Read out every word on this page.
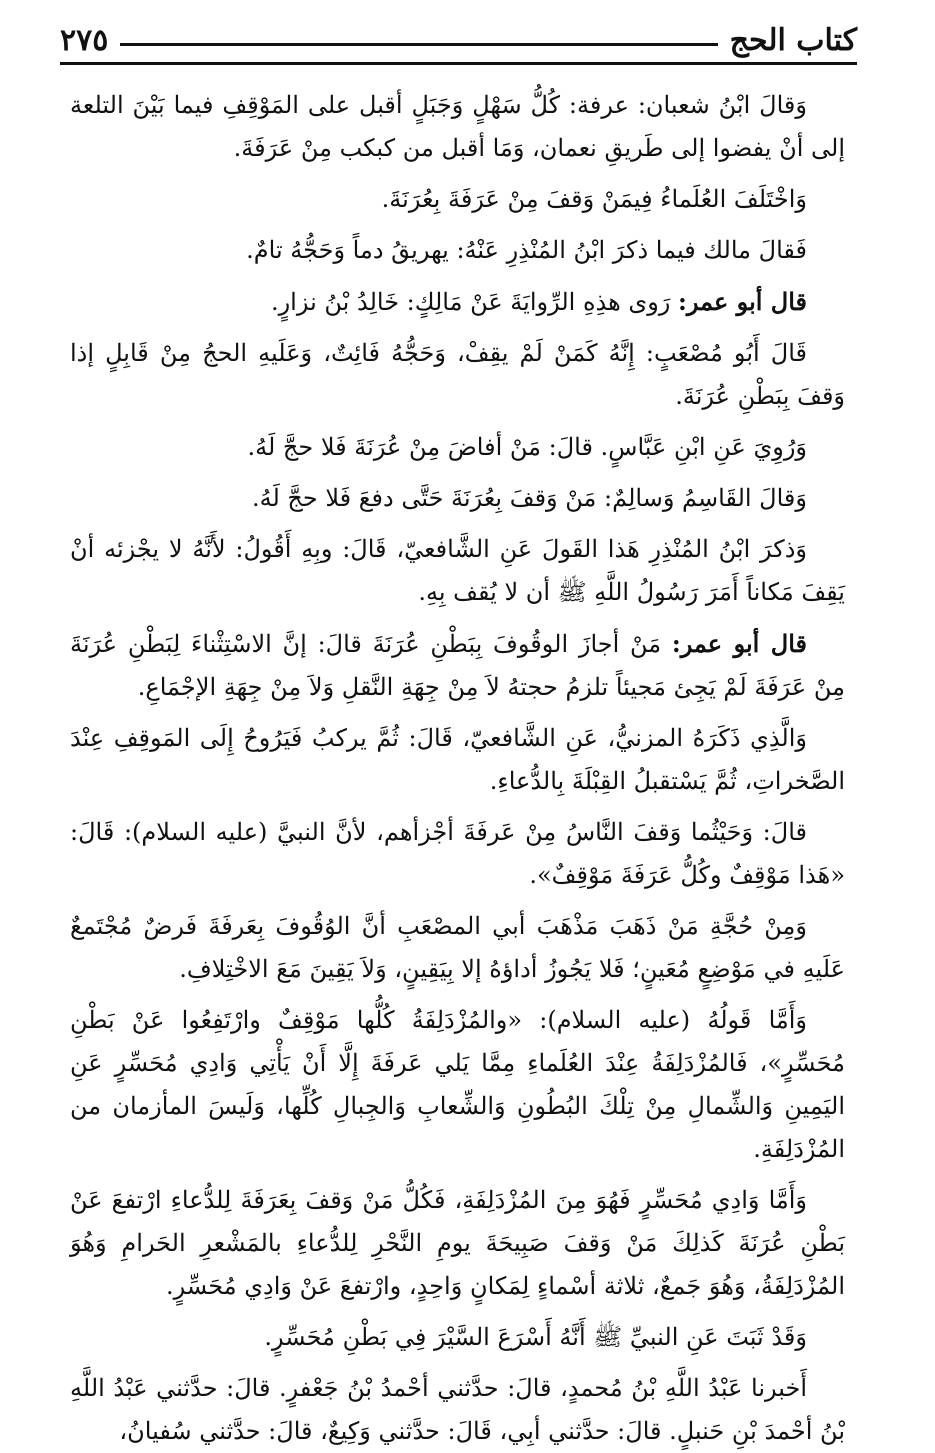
كتاب الحج
٢٧٥

وَقالَ ابْنُ شعبان: عرفة: كُلُّ سَهْلٍ وَجَبَلٍ أقبل على المَوْقِفِ فيما بَيْنَ التلعة إلى أنْ يفضوا إلى طَريقِ نعمان، وَمَا أقبل من كبكب مِنْ عَرَفَةَ.

وَاخْتَلَفَ العُلَماءُ فِيمَنْ وَقفَ مِنْ عَرَفَةَ بِعُرَنَةَ.

فَقالَ مالك فيما ذكرَ ابْنُ المُنْذِرِ عَنْهُ: يهريقُ دماً وَحَجُّهُ تامٌ.

قال أبو عمر: رَوى هذِهِ الرِّوايَةَ عَنْ مَالِكٍ: خَالِدُ بْنُ نزارٍ.

قَالَ أَبُو مُصْعَبٍ: إِنَّهُ كَمَنْ لَمْ يقِفْ، وَحَجُّهُ فَائِتٌ، وَعَلَيهِ الحجُ مِنْ قَابِلٍ إذا وَقفَ بِبَطْنِ عُرَنَةَ.

وَرُوِيَ عَنِ ابْنِ عَبَّاسٍ. قالَ: مَنْ أفاضَ مِنْ عُرَنَةَ فَلا حجَّ لَهُ.

وَقالَ القَاسِمُ وَسالِمٌ: مَنْ وَقفَ بِعُرَنَةَ حَتَّى دفعَ فَلا حجَّ لَهُ.

وَذكرَ ابْنُ المُنْذِرِ هَذا القَولَ عَنِ الشَّافعيّ، قَالَ: وبِهِ أَقُولُ: لأَنَّهُ لا يجْزئه أنْ يَقِفَ مَكاناً أَمَرَ رَسُولُ اللَّهِ ﷺ أن لا يُقف بِهِ.

قال أبو عمر: مَنْ أجازَ الوقُوفَ بِبَطْنِ عُرَنَةَ قالَ: إنَّ الاسْتِثْناءَ لِبَطْنِ عُرَنَةَ مِنْ عَرَفَةَ لَمْ يَجِئ مَجيئاً تلزمُ حجتهُ لاَ مِنْ جِهَةِ النَّقلِ وَلاَ مِنْ جِهَةِ الإجْمَاعِ.

وَالَّذِي ذَكَرَهُ المزنيُّ، عَنِ الشَّافعيّ، قَالَ: ثُمَّ يركبُ فَيَرُوحُ إِلَى المَوقِفِ عِنْدَ الصَّخراتِ، ثُمَّ يَسْتقبلُ القِبْلَةَ بِالدُّعاءِ.

قالَ: وَحَيْثُما وَقفَ النَّاسُ مِنْ عَرفَةَ أجْزأهم، لأنَّ النبيَّ (عليه السلام): قَالَ: «هَذا مَوْقِفٌ وكُلُّ عَرَفَةَ مَوْقِفٌ».

وَمِنْ حُجَّةِ مَنْ ذَهَبَ مَذْهَبَ أبي المصْعَبِ أنَّ الوُقُوفَ بِعَرفَةَ فَرضٌ مُجْتَمعٌ عَلَيهِ في مَوْضِعٍ مُعَينٍ؛ فَلا يَجُوزُ أداؤهُ إلا بِيَقِينٍ، وَلاَ يَقِينَ مَعَ الاخْتِلافِ.

وَأَمَّا قَولُهُ (عليه السلام): «والمُزْدَلِفَةُ كُلُّها مَوْقِفٌ وارْتَفِعُوا عَنْ بَطْنِ مُحَسِّرٍ»، فَالمُزْدَلِفَةُ عِنْدَ العُلَماءِ مِمَّا يَلي عَرفَةَ إِلَّا أَنْ يَأْتِي وَادِي مُحَسِّرٍ عَنِ اليَمِينِ وَالشِّمالِ مِنْ تِلْكَ البُطُونِ وَالشِّعابِ وَالجِبالِ كُلِّها، وَلَيسَ المأزمان من المُزْدَلِفَةِ.

وَأَمَّا وَادِي مُحَسِّرٍ فَهُوَ مِنَ المُزْدَلِفَةِ، فَكُلُّ مَنْ وَقفَ بِعَرَفَةَ لِلدُّعاءِ ارْتفعَ عَنْ بَطْنِ عُرَنَةَ كَذلِكَ مَنْ وَقفَ صَبِيحَةَ يومِ النَّحْرِ لِلدُّعاءِ بالمَشْعرِ الحَرامِ وَهُوَ المُزْدَلِفَةُ، وَهُوَ جَمعٌ، ثلاثة أسْماءٍ لِمَكانٍ وَاحِدٍ، وارْتفعَ عَنْ وَادِي مُحَسِّرٍ.

وَقَدْ ثَبَتَ عَنِ النبيِّ ﷺ أَنَّهُ أَسْرَعَ السَّيْرَ فِي بَطْنِ مُحَسِّرٍ.

أَخبرنا عَبْدُ اللَّهِ بْنُ مُحمدٍ، قالَ: حدَّثني أحْمدُ بْنُ جَعْفرٍ. قالَ: حدَّثني عَبْدُ اللَّهِ بْنُ أحْمدَ بْنِ حَنبلٍ. قالَ: حدَّثني أبِي، قَالَ: حدَّثني وَكِيعٌ، قالَ: حدَّثني سُفيانُ،
